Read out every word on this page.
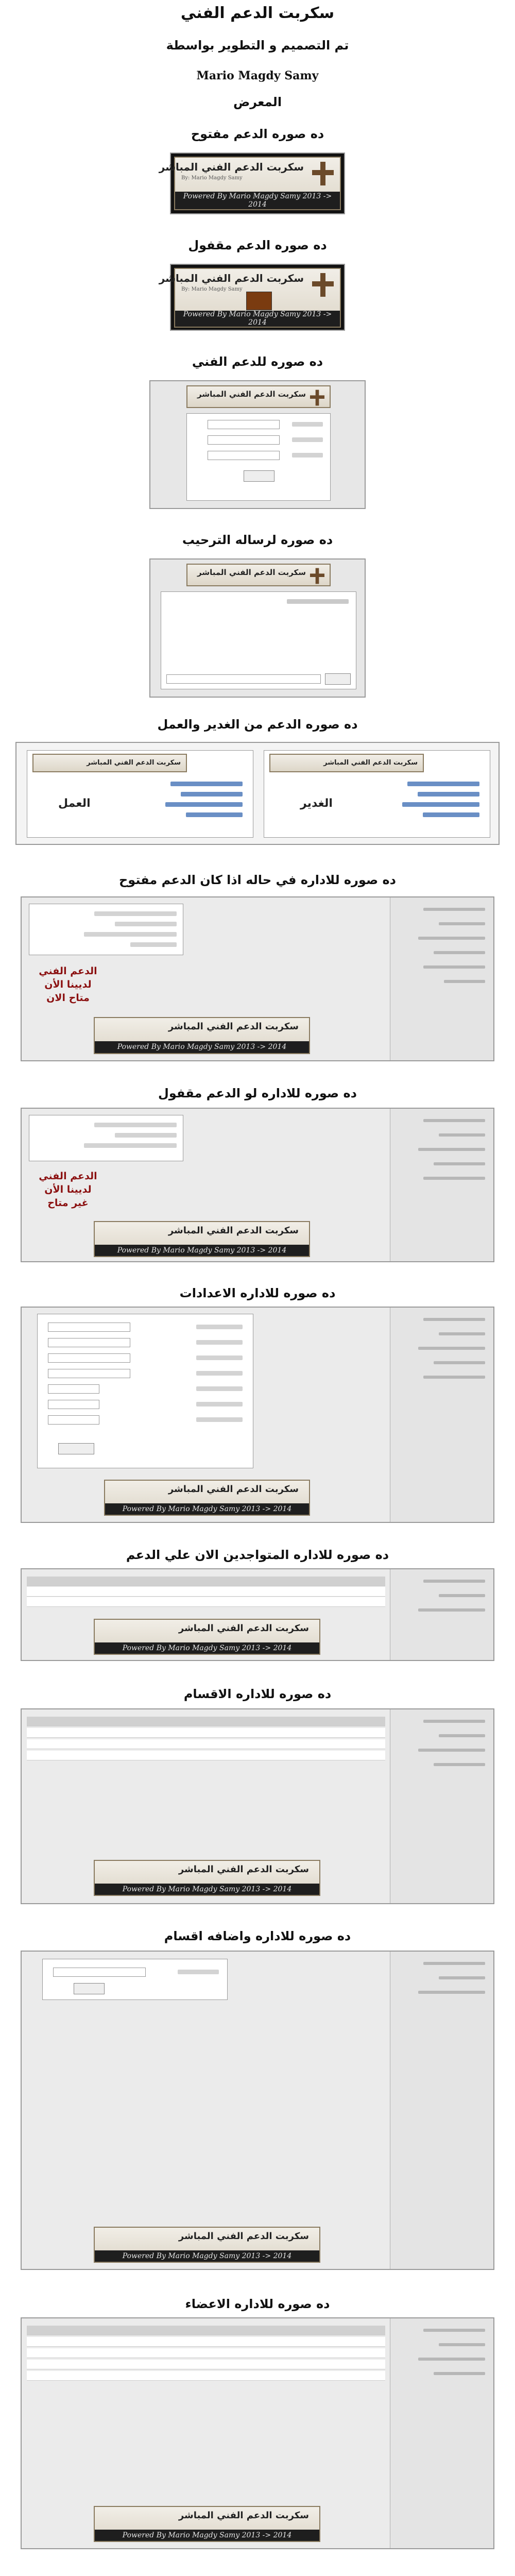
سكربت الدعم الفني
تم التصميم و التطوير بواسطة
Mario Magdy Samy
المعرض
ده صوره الدعم مفتوح
سكربت الدعم الفني المباشر
By: Mario Magdy Samy
Powered By Mario Magdy Samy 2013 -> 2014
ده صوره الدعم مقفول
سكربت الدعم الفني المباشر
By: Mario Magdy Samy
Powered By Mario Magdy Samy 2013 -> 2014
ده صوره للدعم الفني
سكربت الدعم الفني المباشر
ده صوره لرساله الترحيب
سكربت الدعم الفني المباشر
ده صوره الدعم من الغدير والعمل
سكربت الدعم الفني المباشر
العمل
سكربت الدعم الفني المباشر
الغدير
ده صوره للاداره في حاله اذا كان الدعم مفتوح
الدعم الفني
لديينا الأن
متاح الان
سكربت الدعم الفني المباشر
Powered By Mario Magdy Samy 2013 -> 2014
ده صوره للاداره لو الدعم مقفول
الدعم الفني
لديينا الأن
غير متاح
سكربت الدعم الفني المباشر
Powered By Mario Magdy Samy 2013 -> 2014
ده صوره للاداره الاعدادات
سكربت الدعم الفني المباشر
Powered By Mario Magdy Samy 2013 -> 2014
ده صوره للاداره المتواجدين الان علي الدعم
سكربت الدعم الفني المباشر
Powered By Mario Magdy Samy 2013 -> 2014
ده صوره للاداره الاقسام
سكربت الدعم الفني المباشر
Powered By Mario Magdy Samy 2013 -> 2014
ده صوره للاداره واضافه اقسام
سكربت الدعم الفني المباشر
Powered By Mario Magdy Samy 2013 -> 2014
ده صوره للاداره الاعضاء
سكربت الدعم الفني المباشر
Powered By Mario Magdy Samy 2013 -> 2014
